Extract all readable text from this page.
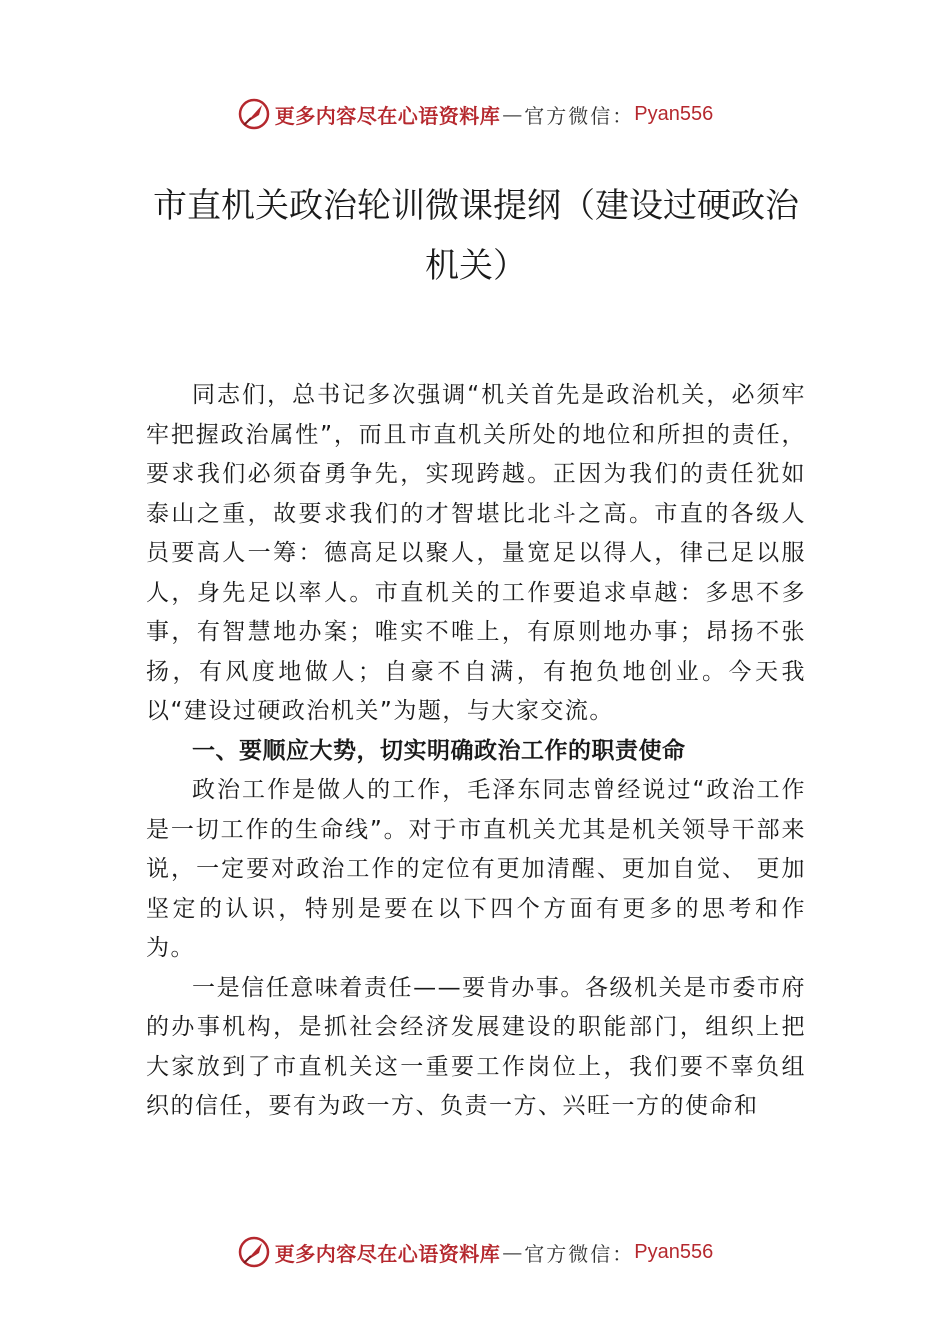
更多内容尽在心语资料库 — 官方微信： Pyan556
市直机关政治轮训微课提纲（建设过硬政治机关）

同志们，总书记多次强调“机关首先是政治机关，必须牢牢把握政治属性”，而且市直机关所处的地位和所担的责任，要求我们必须奋勇争先，实现跨越。正因为我们的责任犹如泰山之重，故要求我们的才智堪比北斗之高。市直的各级人员要高人一筹：德高足以聚人，量宽足以得人，律己足以服人，身先足以率人。市直机关的工作要追求卓越：多思不多事，有智慧地办案；唯实不唯上，有原则地办事；昂扬不张扬，有风度地做人；自豪不自满，有抱负地创业。今天我以“建设过硬政治机关”为题，与大家交流。

一、要顺应大势，切实明确政治工作的职责使命

政治工作是做人的工作，毛泽东同志曾经说过“政治工作是一切工作的生命线”。对于市直机关尤其是机关领导干部来说，一定要对政治工作的定位有更加清醒、更加自觉、 更加坚定的认识，特别是要在以下四个方面有更多的思考和作为。

一是信任意味着责任——要肯办事。各级机关是市委市府的办事机构，是抓社会经济发展建设的职能部门，组织上把大家放到了市直机关这一重要工作岗位上，我们要不辜负组织的信任，要有为政一方、负责一方、兴旺一方的使命和

更多内容尽在心语资料库 — 官方微信： Pyan556
